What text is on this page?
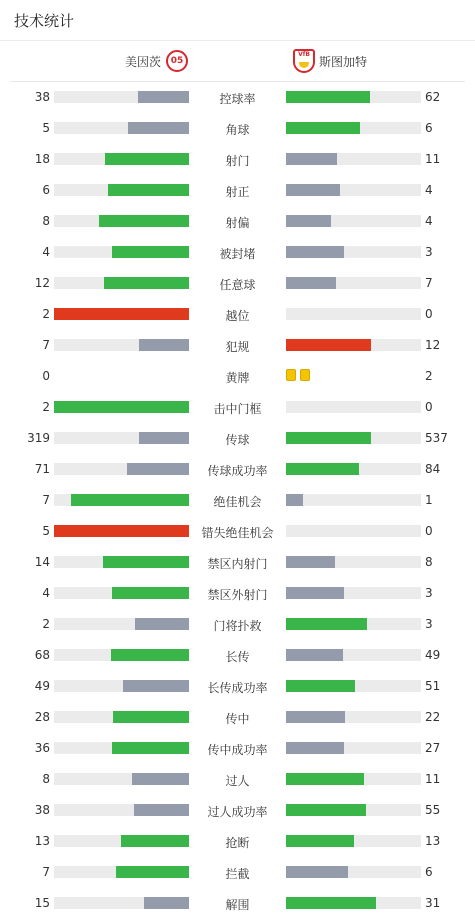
技术统计
美因茨 05
VfB 斯图加特
38	控球率	62
5	角球	6
18	射门	11
6	射正	4
8	射偏	4
4	被封堵	3
12	任意球	7
2	越位	0
7	犯规	12
0	黄牌	2
2	击中门框	0
319	传球	537
71	传球成功率	84
7	绝佳机会	1
5	错失绝佳机会	0
14	禁区内射门	8
4	禁区外射门	3
2	门将扑救	3
68	长传	49
49	长传成功率	51
28	传中	22
36	传中成功率	27
8	过人	11
38	过人成功率	55
13	抢断	13
7	拦截	6
15	解围	31
